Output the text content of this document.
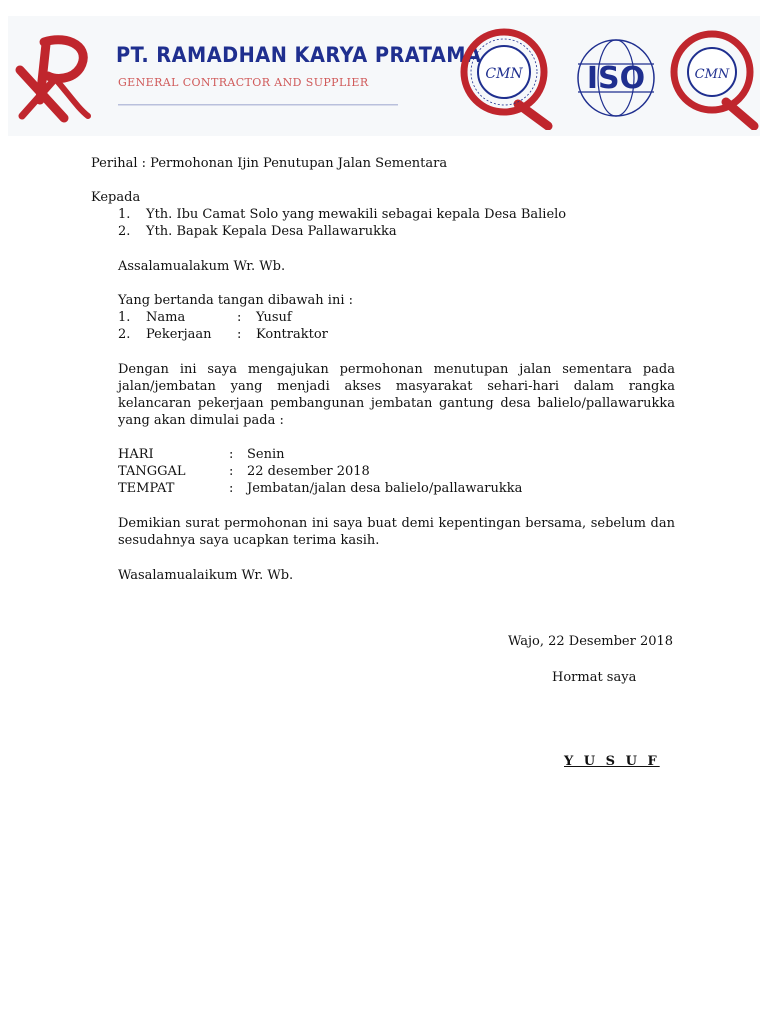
PT. RAMADHAN KARYA PRATAMA
GENERAL CONTRACTOR AND SUPPLIER
CMN ISO	CMN
Perihal : Permohonan Ijin Penutupan Jalan Sementara
Kepada
1. Yth. Ibu Camat Solo yang mewakili sebagai kepala Desa Balielo
2. Yth. Bapak Kepala Desa Pallawarukka
Assalamualakum Wr. Wb.
Yang bertanda tangan dibawah ini :
1. Nama	: Yusuf
2. Pekerjaan : Kontraktor
Dengan ini saya mengajukan permohonan menutupan jalan sementara pada jalan/jembatan yang menjadi akses masyarakat sehari-hari dalam rangka kelancaran pekerjaan pembangunan jembatan gantung desa balielo/pallawarukka yang akan dimulai pada :
HARI	: Senin
TANGGAL	: 22 desember 2018
TEMPAT	: Jembatan/jalan desa balielo/pallawarukka
Demikian surat permohonan ini saya buat demi kepentingan bersama, sebelum dan sesudahnya saya ucapkan terima kasih.
Wasalamualaikum Wr. Wb.
Wajo, 22 Desember 2018
Hormat saya
Y U S U F
